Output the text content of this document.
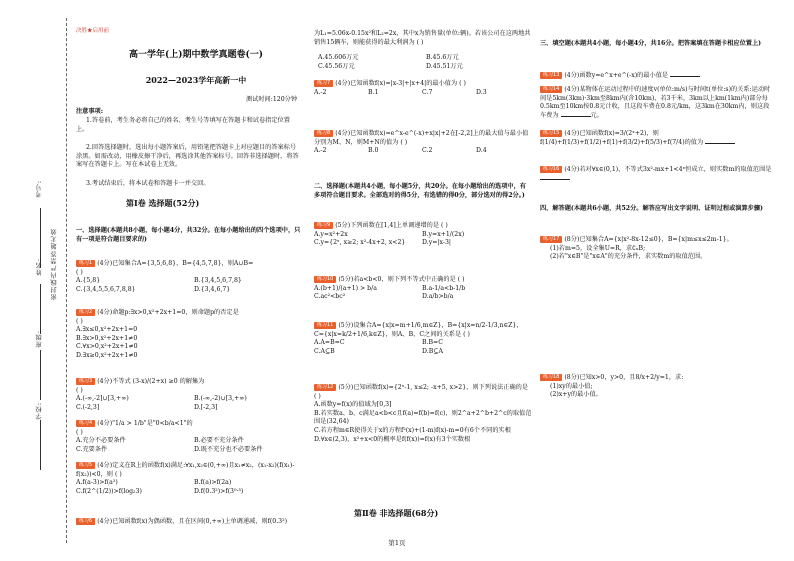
密封线内严禁答题无效
考号:
姓名:
班级:
学校:
决胜★启用前
高一学年(上)期中数学真题卷(一)
2022—2023学年高新一中
测试时间:120分钟
注意事项:
1.答卷前，考生务必将自己的姓名、考生号等填写在答题卡和试卷指定位置上。
2.回答选择题时，选出每小题答案后，用铅笔把答题卡上对应题目的答案标号涂黑。如需改动，用橡皮擦干净后，再选涂其他答案标号。回答非选择题时，将答案写在答题卡上。写在本试卷上无效。
3.考试结束后，将本试卷和答题卡一并交回。
第Ⅰ卷 选择题(52分)
一、选择题(本题共8小题，每小题4分，共32分。在每小题给出的四个选项中，只有一项是符合题目要求的)

练习1 (4分)已知集合A={3,5,6,8}，B={4,5,7,8}，则A∪B=

( )

A.{5,8}	B.{3,4,5,6,7,8}

C.{3,4,5,5,6,7,8,8}	D.{3,4,6,7}

练习2 (4分)命题p:∃x>0,x²+2x+1=0，则命题p的否定是

( )

A.∃x≤0,x²+2x+1=0

B.∃x>0,x²+2x+1≠0

C.∀x>0,x²+2x+1≠0

D.∃x≥0,x²+2x+1≠0

练习3 (4分)不等式 (3-x)/(2+x) ≥0 的解集为

( )

A.(-∞,-2]∪[3,+∞)	B.(-∞,-2)∪[3,+∞)

C.(-2,3]	D.[-2,3]

练习4 (4分)"1/a > 1/b"是"0<b/a<1"的

( )

A.充分不必要条件	B.必要不充分条件

C.充要条件	D.既不充分也不必要条件

练习5 (4分)定义在R上的函数f(x)满足:∀x₁,x₂∈(0,+∞)且x₁≠x₂，(x₁-x₂)(f(x₁)-f(x₂))<0，则 ( )

A.f(a-3)>f(a²)	B.f(a)>f(2a)

C.f(2^(1/2))>f(log₂3)	D.f(0.3²)>f(3⁰·³)

练习6 (4分)已知函数f(x)为偶函数，且在区间(0,+∞)上单调递减，则f(0.3²)

为L₁=5.06x-0.15x²和L₂=2x，其中x为销售量(单位:辆)。若该公司在这两地共销售15辆车，则能获得的最大利润为 ( )

A.45.606万元	B.45.6万元

C.45.56万元	D.45.51万元

练习7 (4分)已知函数f(x)=|x-3|+|x+4|的最小值为 ( )

A.-2	B.1	C.7	D.3

练习8 (4分)已知函数f(x)=e^x-e^(-x)+x|x|+2在[-2,2]上的最大值与最小值分别为M、N，则M+N的值为 ( )

A.-2	B.0	C.2	D.4

二、选择题(本题共4小题，每小题5分，共20分。在每小题给出的选项中，有多项符合题目要求。全部选对的得5分，有选错的得0分，部分选对的得2分。)

练习9 (5分)下列函数在[1,4]上单调递增的是 ( )

A.y=x²+2x	B.y=x+1/(2x)

C.y={2ˣ, x≥2; x²-4x+2, x<2}	D.y=|x-3|

练习10 (5分)若a<b<0，则下列不等式中正确的是 ( )

A.(b+1)/(a+1) > b/a	B.a-1/a<b-1/b

C.ac²<bc²	D.a/b>b/a

练习11 (5分)设集合A={x|x=m+1/6,m∈Z}，B={x|x=n/2-1/3,n∈Z}，C={x|x=k/2+1/6,k∈Z}，则A、B、C之间的关系是 ( )

A.A=B=C	B.B=C

C.A⊆B	D.B⊆A

练习12 (5分)已知函数f(x)={2ˣ-1, x≤2; -x+5, x>2}，则下列说法正确的是 ( )

A.函数y=f(x)的值域为[0,3]

B.若实数a、b、c满足a<b<c且f(a)=f(b)=f(c)，则2^a+2^b+2^c的取值范围是(32,64)

C.若方程m∈R使得关于x的方程f²(x)+(1-m)f(x)-m=0有6个不同的实根

D.∀x∈(2,3)，x²+x<0的概率是f(f(x))=f(x)有3个实数根

第Ⅱ卷 非选择题(68分)
三、填空题(本题共4小题，每小题4分，共16分。把答案填在答题卡相应位置上)

练习13 (4分)函数y=e^x+e^(-x)的最小值是

练习14 (4分)某物体在运动过程中的速度v(单位:m/s)与时间t(单位:s)的关系:运动时间是5km(3km)·3km至8km内(含10km)，若3千米，3km以上km(1km内)部分每0.5km至10km按0.8元计收，且这段车费在0.8元/km，这3km在30km内，则这段车费为	元。

练习15 (4分)已知函数f(x)=3/(2ˣ+2)，则f(1/4)+f(1/3)+f(1/2)+f(1)+f(3/2)+f(5/3)+f(7/4)的值为

练习16 (4分)若对∀x∈(0,1)，不等式3x²-mx+1<4ˣ恒成立，则实数m的取值范围是

四、解答题(本题共6小题，共52分。解答应写出文字说明、证明过程或演算步骤)

练习17 (8分)已知集合A={x|x²-8x-12≤0}，B={x|m≤x≤2m-1}。

(1)若m=5，设全集U=R，求∁ᵤB;

(2)若"x∈B"是"x∈A"的充分条件，求实数m的取值范围。

练习18 (8分)已知x>0，y>0，且8/x+2/y=1，求:

(1)xy的最小值;

(2)x+y的最小值。

第1页
